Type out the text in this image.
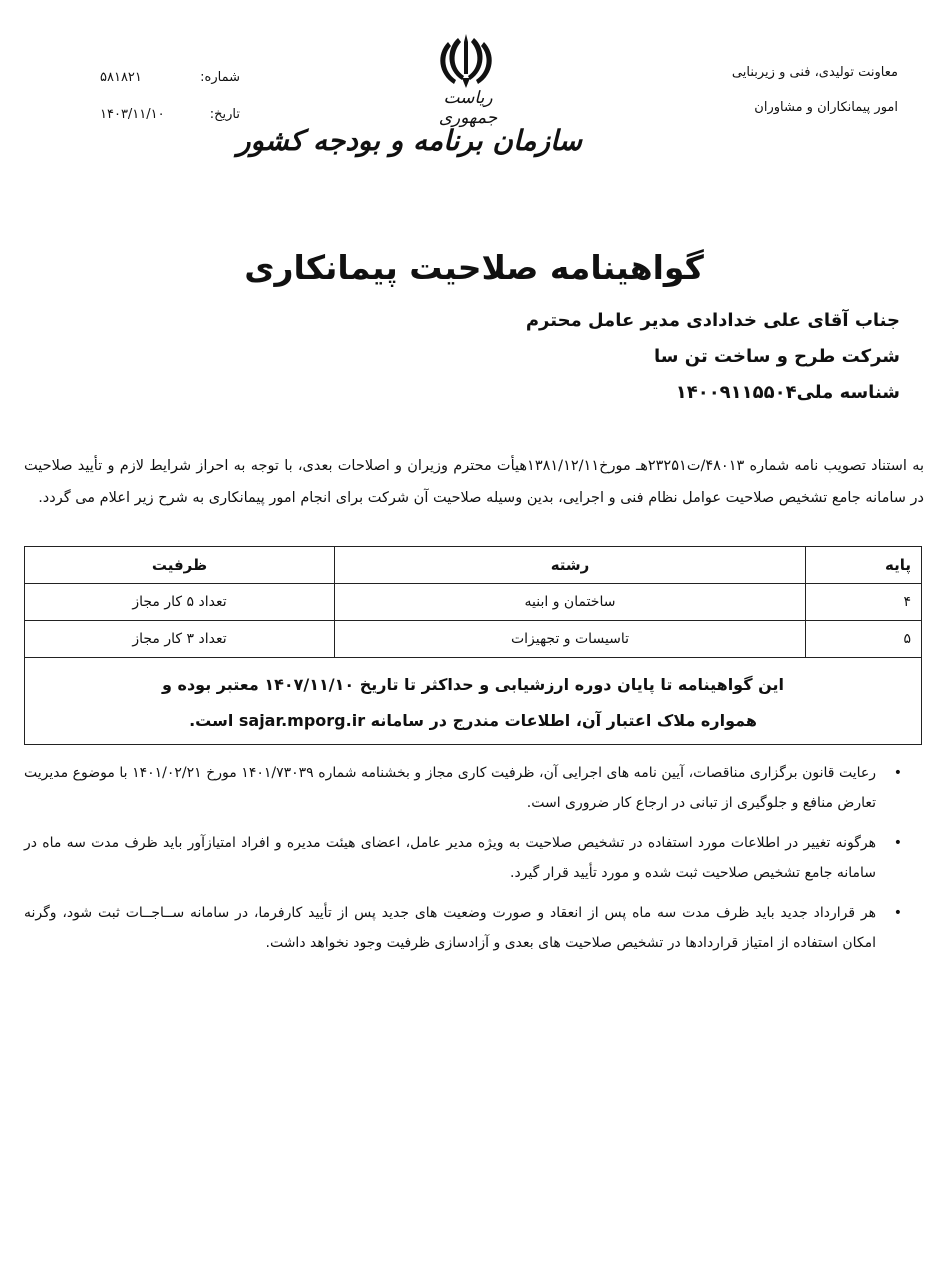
معاونت تولیدی، فنی و زیربنایی
امور پیمانکاران و مشاوران
شماره:
۵۸۱۸۲۱
تاریخ:
۱۴۰۳/۱۱/۱۰
ریاست جمهوری
سازمان برنامه و بودجه کشور
گواهینامه صلاحیت پیمانکاری
جناب آقای علی خدادادی مدیر عامل محترم
شرکت طرح و ساخت تن سا
شناسه ملی۱۴۰۰۹۱۱۵۵۰۴
به استناد تصویب نامه شماره ۴۸۰۱۳/ت۲۳۲۵۱هـ مورخ۱۳۸۱/۱۲/۱۱هیأت محترم وزیران و اصلاحات بعدی، با توجه به احراز شرایط لازم و تأیید صلاحیت در سامانه جامع تشخیص صلاحیت عوامل نظام فنی و اجرایی، بدین وسیله صلاحیت آن شرکت برای انجام امور پیمانکاری به شرح زیر اعلام می گردد.
پایه	رشته	ظرفیت
۴	ساختمان و ابنیه	تعداد ۵ کار مجاز
۵	تاسیسات و تجهیزات	تعداد ۳ کار مجاز

این گواهینامه تا پایان دوره ارزشیابی و حداکثر تا تاریخ ۱۴۰۷/۱۱/۱۰ معتبر بوده و
همواره ملاک اعتبار آن، اطلاعات مندرج در سامانه sajar.mporg.ir است.		
•
رعایت قانون برگزاری مناقصات، آیین نامه های اجرایی آن، ظرفیت کاری مجاز و بخشنامه شماره ۱۴۰۱/۷۳۰۳۹ مورخ ۱۴۰۱/۰۲/۲۱ با موضوع مدیریت تعارض منافع و جلوگیری از تبانی در ارجاع کار ضروری است.
•
هرگونه تغییر در اطلاعات مورد استفاده در تشخیص صلاحیت به ویژه مدیر عامل، اعضای هیئت مدیره و افراد امتیازآور باید ظرف مدت سه ماه در سامانه جامع تشخیص صلاحیت ثبت شده و مورد تأیید قرار گیرد.
•
هر قرارداد جدید باید ظرف مدت سه ماه پس از انعقاد و صورت وضعیت های جدید پس از تأیید کارفرما، در سامانه ســاجــات ثبت شود، وگرنه امکان استفاده از امتیاز قراردادها در تشخیص صلاحیت های بعدی و آزادسازی ظرفیت وجود نخواهد داشت.
